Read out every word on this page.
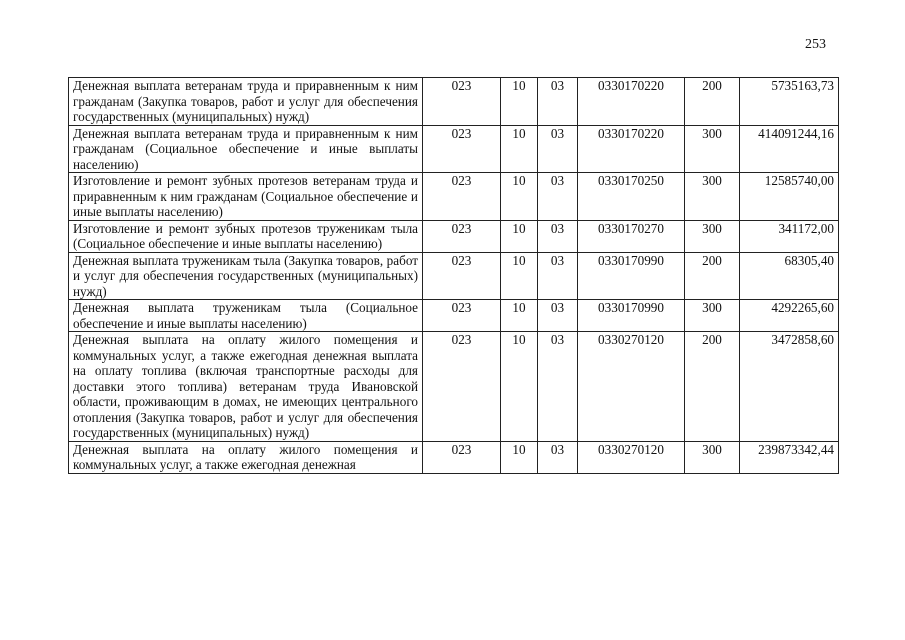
253
Денежная выплата ветеранам труда и приравненным к ним гражданам (Закупка товаров, работ и услуг для обеспечения государственных (муниципальных) нужд)	023	10	03	0330170220	200	5735163,73
Денежная выплата ветеранам труда и приравненным к ним гражданам (Социальное обеспечение и иные выплаты населению)	023	10	03	0330170220	300	414091244,16
Изготовление и ремонт зубных протезов ветеранам труда и приравненным к ним гражданам (Социальное обеспечение и иные выплаты населению)	023	10	03	0330170250	300	12585740,00
Изготовление и ремонт зубных протезов труженикам тыла (Социальное обеспечение и иные выплаты населению)	023	10	03	0330170270	300	341172,00
Денежная выплата труженикам тыла (Закупка товаров, работ и услуг для обеспечения государственных (муниципальных) нужд)	023	10	03	0330170990	200	68305,40
Денежная выплата труженикам тыла (Социальное обеспечение и иные выплаты населению)	023	10	03	0330170990	300	4292265,60
Денежная выплата на оплату жилого помещения и коммунальных услуг, а также ежегодная денежная выплата на оплату топлива (включая транспортные расходы для доставки этого топлива) ветеранам труда Ивановской области, проживающим в домах, не имеющих центрального отопления (Закупка товаров, работ и услуг для обеспечения государственных (муниципальных) нужд)	023	10	03	0330270120	200	3472858,60
Денежная выплата на оплату жилого помещения и коммунальных услуг, а также ежегодная денежная	023	10	03	0330270120	300	239873342,44
